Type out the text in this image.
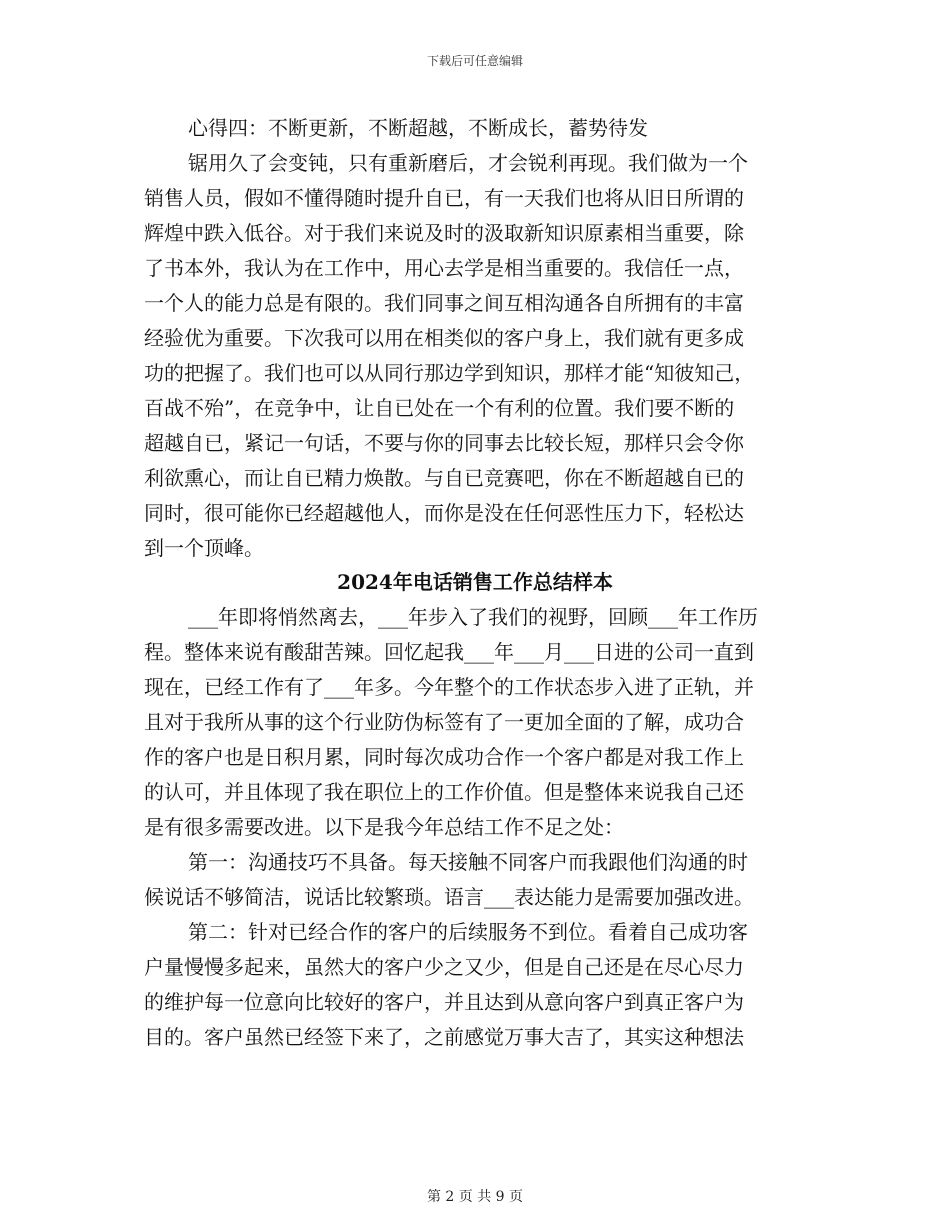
下载后可任意编辑
心得四：不断更新，不断超越，不断成长，蓄势待发
锯用久了会变钝，只有重新磨后，才会锐利再现。我们做为一个
销售人员，假如不懂得随时提升自已，有一天我们也将从旧日所谓的
辉煌中跌入低谷。对于我们来说及时的汲取新知识原素相当重要，除
了书本外，我认为在工作中，用心去学是相当重要的。我信任一点，
一个人的能力总是有限的。我们同事之间互相沟通各自所拥有的丰富
经验优为重要。下次我可以用在相类似的客户身上，我们就有更多成
功的把握了。我们也可以从同行那边学到知识，那样才能“知彼知己，
百战不殆”，在竞争中，让自已处在一个有利的位置。我们要不断的
超越自已，紧记一句话，不要与你的同事去比较长短，那样只会令你
利欲熏心，而让自已精力焕散。与自已竞赛吧，你在不断超越自已的
同时，很可能你已经超越他人，而你是没在任何恶性压力下，轻松达
到一个顶峰。
2024年电话销售工作总结样本
___年即将悄然离去，___年步入了我们的视野，回顾___年工作历
程。整体来说有酸甜苦辣。回忆起我___年___月___日进的公司一直到
现在，已经工作有了___年多。今年整个的工作状态步入进了正轨，并
且对于我所从事的这个行业防伪标签有了一更加全面的了解，成功合
作的客户也是日积月累，同时每次成功合作一个客户都是对我工作上
的认可，并且体现了我在职位上的工作价值。但是整体来说我自己还
是有很多需要改进。以下是我今年总结工作不足之处：
第一：沟通技巧不具备。每天接触不同客户而我跟他们沟通的时
候说话不够简洁，说话比较繁琐。语言___表达能力是需要加强改进。
第二：针对已经合作的客户的后续服务不到位。看着自己成功客
户量慢慢多起来，虽然大的客户少之又少，但是自己还是在尽心尽力
的维护每一位意向比较好的客户，并且达到从意向客户到真正客户为
目的。客户虽然已经签下来了，之前感觉万事大吉了，其实这种想法
第 2 页 共 9 页
